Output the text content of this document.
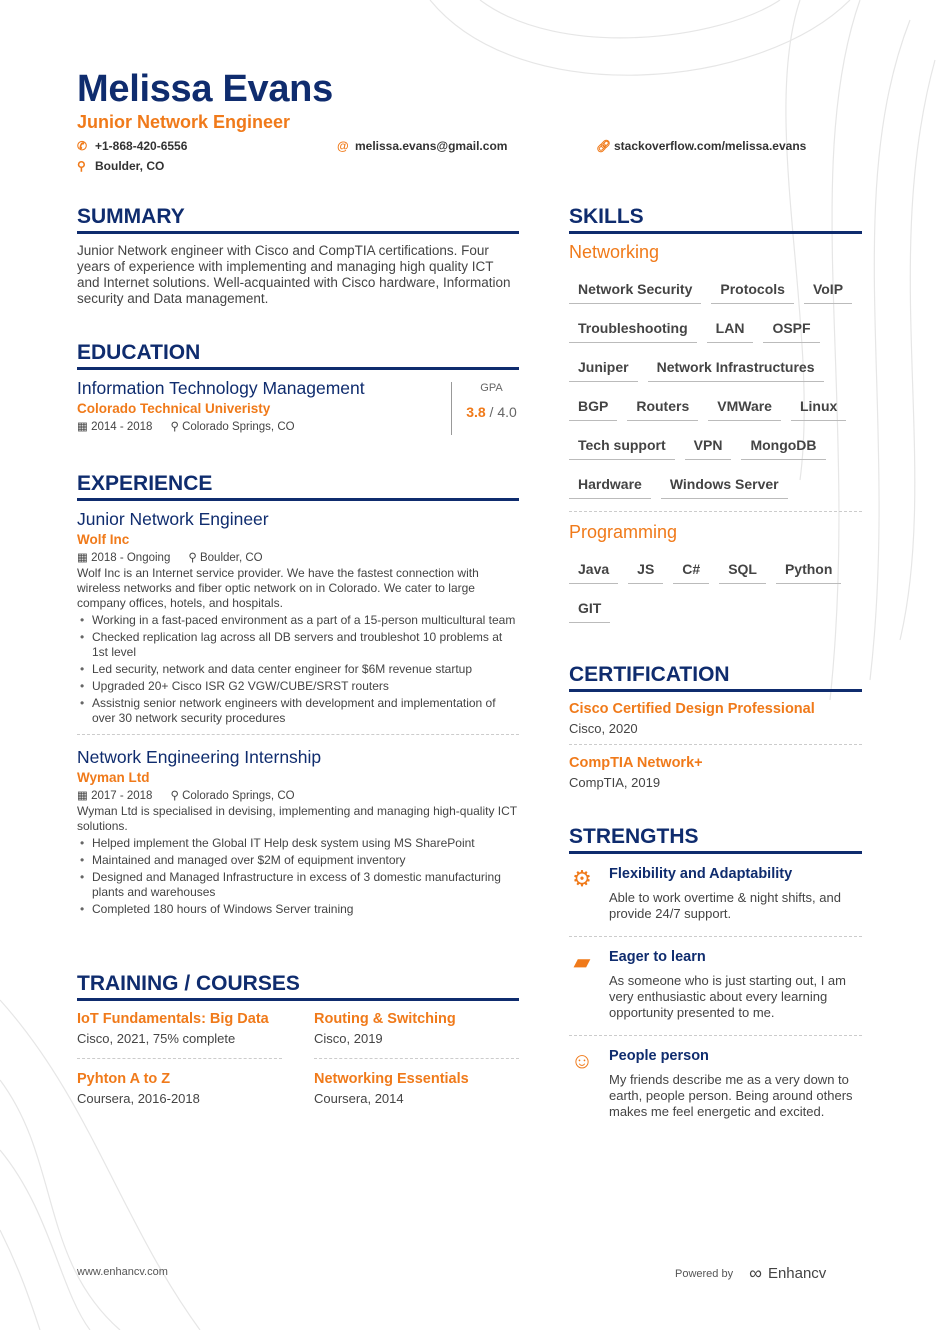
Melissa Evans
Junior Network Engineer
✆ +1-868-420-6556	@ melissa.evans@gmail.com	🔗︎ stackoverflow.com/melissa.evans
⚲ Boulder, CO
SUMMARY
Junior Network engineer with Cisco and CompTIA certifications. Four years of experience with implementing and managing high quality ICT and Internet solutions. Well-acquainted with Cisco hardware, Information security and Data management.
EDUCATION
Information Technology Management
Colorado Technical Univeristy
▦ 2014 - 2018 ⚲ Colorado Springs, CO
GPA
3.8 / 4.0
EXPERIENCE
Junior Network Engineer
Wolf Inc
▦ 2018 - Ongoing ⚲ Boulder, CO
Wolf Inc is an Internet service provider. We have the fastest connection with wireless networks and fiber optic network on in Colorado. We cater to large company offices, hotels, and hospitals.
• Working in a fast-paced environment as a part of a 15-person multicultural team
• Checked replication lag across all DB servers and troubleshot 10 problems at 1st level
• Led security, network and data center engineer for $6M revenue startup
• Upgraded 20+ Cisco ISR G2 VGW/CUBE/SRST routers
• Assistnig senior network engineers with development and implementation of over 30 network security procedures
Network Engineering Internship
Wyman Ltd
▦ 2017 - 2018 ⚲ Colorado Springs, CO
Wyman Ltd is specialised in devising, implementing and managing high-quality ICT solutions.
• Helped implement the Global IT Help desk system using MS SharePoint
• Maintained and managed over $2M of equipment inventory
• Designed and Managed Infrastructure in excess of 3 domestic manufacturing plants and warehouses
• Completed 180 hours of Windows Server training
TRAINING / COURSES
IoT Fundamentals: Big Data
Cisco, 2021, 75% complete
Routing & Switching
Cisco, 2019
Pyhton A to Z
Coursera, 2016-2018
Networking Essentials
Coursera, 2014
SKILLS
Networking
Network Security	Protocols	VoIP
Troubleshooting	LAN	OSPF
Juniper	Network Infrastructures
BGP	Routers	VMWare	Linux
Tech support	VPN	MongoDB
Hardware	Windows Server
Programming
Java	JS	C#	SQL	Python
GIT
CERTIFICATION
Cisco Certified Design Professional
Cisco, 2020
CompTIA Network+
CompTIA, 2019
STRENGTHS
⚙ Flexibility and Adaptability
Able to work overtime & night shifts, and provide 24/7 support.
▰	Eager to learn
As someone who is just starting out, I am very enthusiastic about every learning opportunity presented to me.
☺ People person
My friends describe me as a very down to earth, people person. Being around others makes me feel energetic and excited.
www.enhancv.com	Powered by ∞ Enhancv
